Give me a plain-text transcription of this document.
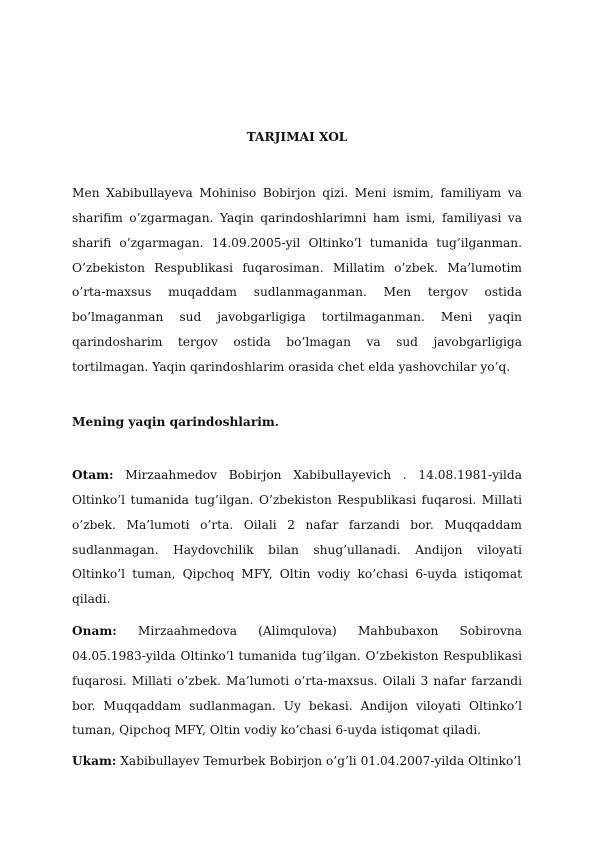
TARJIMAI XOL

Men Xabibullayeva Mohiniso Bobirjon qizi. Meni ismim, familiyam va sharifim o’zgarmagan. Yaqin qarindoshlarimni ham ismi, familiyasi va sharifi o’zgarmagan. 14.09.2005-yil Oltinko’l tumanida tug’ilganman. O’zbekiston Respublikasi fuqarosiman. Millatim o’zbek. Ma’lumotim o’rta-maxsus muqaddam sudlanmaganman. Men tergov ostida bo’lmaganman sud javobgarligiga tortilmaganman. Meni yaqin qarindosharim tergov ostida bo’lmagan va sud javobgarligiga tortilmagan. Yaqin qarindoshlarim orasida chet elda yashovchilar yo’q.

Mening yaqin qarindoshlarim.

Otam: Mirzaahmedov Bobirjon Xabibullayevich . 14.08.1981-yilda Oltinko’l tumanida tug’ilgan. O’zbekiston Respublikasi fuqarosi. Millati o’zbek. Ma’lumoti o’rta. Oilali 2 nafar farzandi bor. Muqqaddam sudlanmagan. Haydovchilik bilan shug’ullanadi. Andijon viloyati Oltinko’l tuman, Qipchoq MFY, Oltin vodiy ko’chasi 6-uyda istiqomat qiladi.

Onam: Mirzaahmedova (Alimqulova) Mahbubaxon Sobirovna 04.05.1983-yilda Oltinko’l tumanida tug’ilgan. O’zbekiston Respublikasi fuqarosi. Millati o’zbek. Ma’lumoti o’rta-maxsus. Oilali 3 nafar farzandi bor. Muqqaddam sudlanmagan. Uy bekasi. Andijon viloyati Oltinko’l tuman, Qipchoq MFY, Oltin vodiy ko’chasi 6-uyda istiqomat qiladi.

Ukam: Xabibullayev Temurbek Bobirjon o’g’li 01.04.2007-yilda Oltinko’l
